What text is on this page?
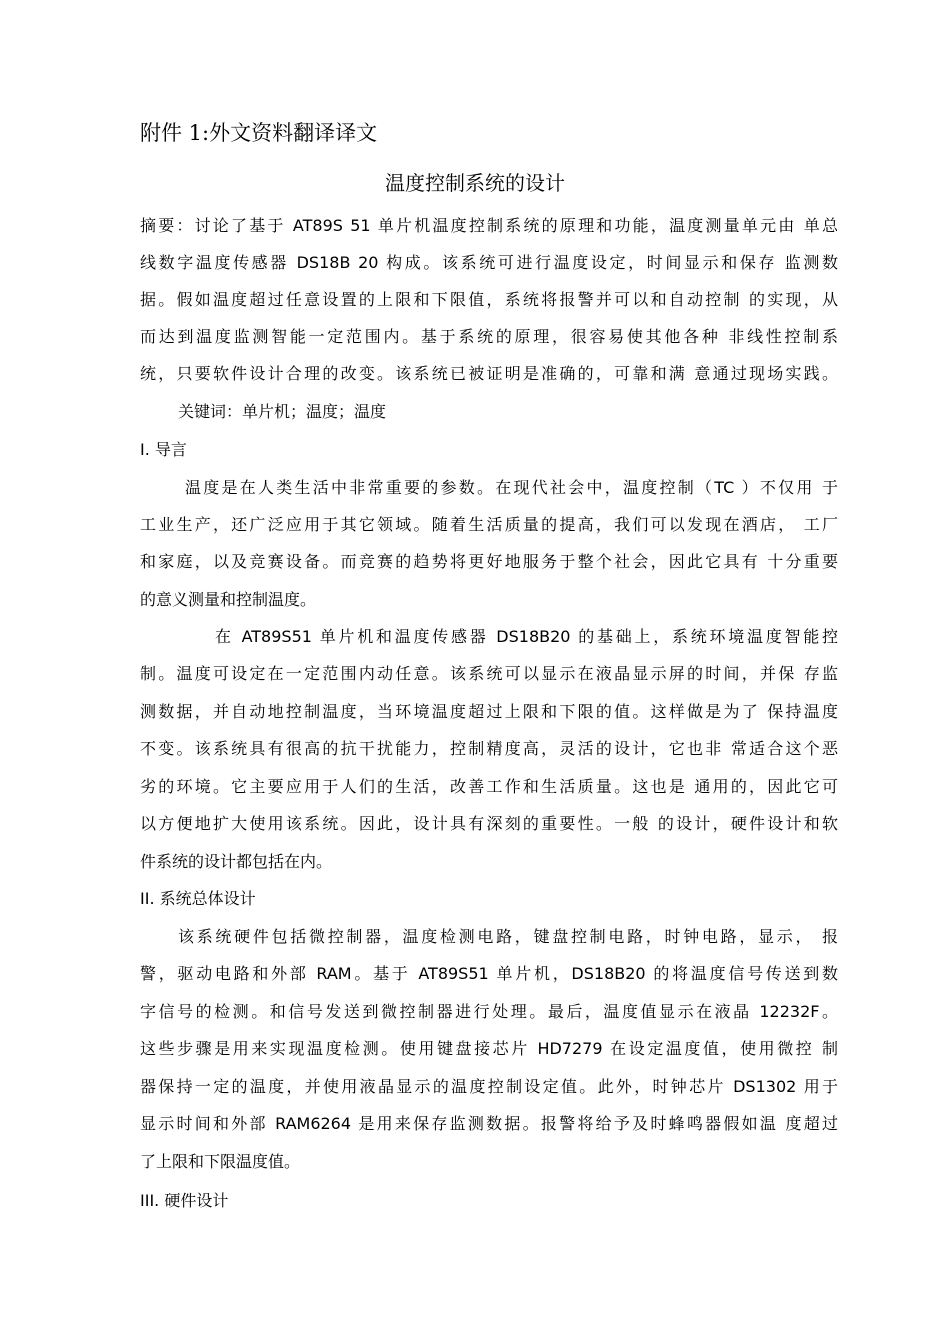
附件 1:外文资料翻译译文
温度控制系统的设计
摘要：讨论了基于 AT89S 51 单片机温度控制系统的原理和功能，温度测量单元由 单总
线数字温度传感器 DS18B 20 构成。该系统可进行温度设定，时间显示和保存 监测数
据。假如温度超过任意设置的上限和下限值，系统将报警并可以和自动控制 的实现，从
而达到温度监测智能一定范围内。基于系统的原理，很容易使其他各种 非线性控制系
统，只要软件设计合理的改变。该系统已被证明是准确的，可靠和满 意通过现场实践。
关键词：单片机；温度；温度
I. 导言
温度是在人类生活中非常重要的参数。在现代社会中，温度控制（TC ）不仅用 于
工业生产，还广泛应用于其它领域。随着生活质量的提高，我们可以发现在酒店， 工厂
和家庭，以及竞赛设备。而竞赛的趋势将更好地服务于整个社会，因此它具有 十分重要
的意义测量和控制温度。
在 AT89S51 单片机和温度传感器 DS18B20 的基础上，系统环境温度智能控
制。温度可设定在一定范围内动任意。该系统可以显示在液晶显示屏的时间，并保 存监
测数据，并自动地控制温度，当环境温度超过上限和下限的值。这样做是为了 保持温度
不变。该系统具有很高的抗干扰能力，控制精度高，灵活的设计，它也非 常适合这个恶
劣的环境。它主要应用于人们的生活，改善工作和生活质量。这也是 通用的，因此它可
以方便地扩大使用该系统。因此，设计具有深刻的重要性。一般 的设计，硬件设计和软
件系统的设计都包括在内。
II. 系统总体设计
该系统硬件包括微控制器，温度检测电路，键盘控制电路，时钟电路，显示， 报
警，驱动电路和外部 RAM。基于 AT89S51 单片机，DS18B20 的将温度信号传送到数
字信号的检测。和信号发送到微控制器进行处理。最后，温度值显示在液晶 12232F。
这些步骤是用来实现温度检测。使用键盘接芯片 HD7279 在设定温度值，使用微控 制
器保持一定的温度，并使用液晶显示的温度控制设定值。此外，时钟芯片 DS1302 用于
显示时间和外部 RAM6264 是用来保存监测数据。报警将给予及时蜂鸣器假如温 度超过
了上限和下限温度值。
III. 硬件设计
